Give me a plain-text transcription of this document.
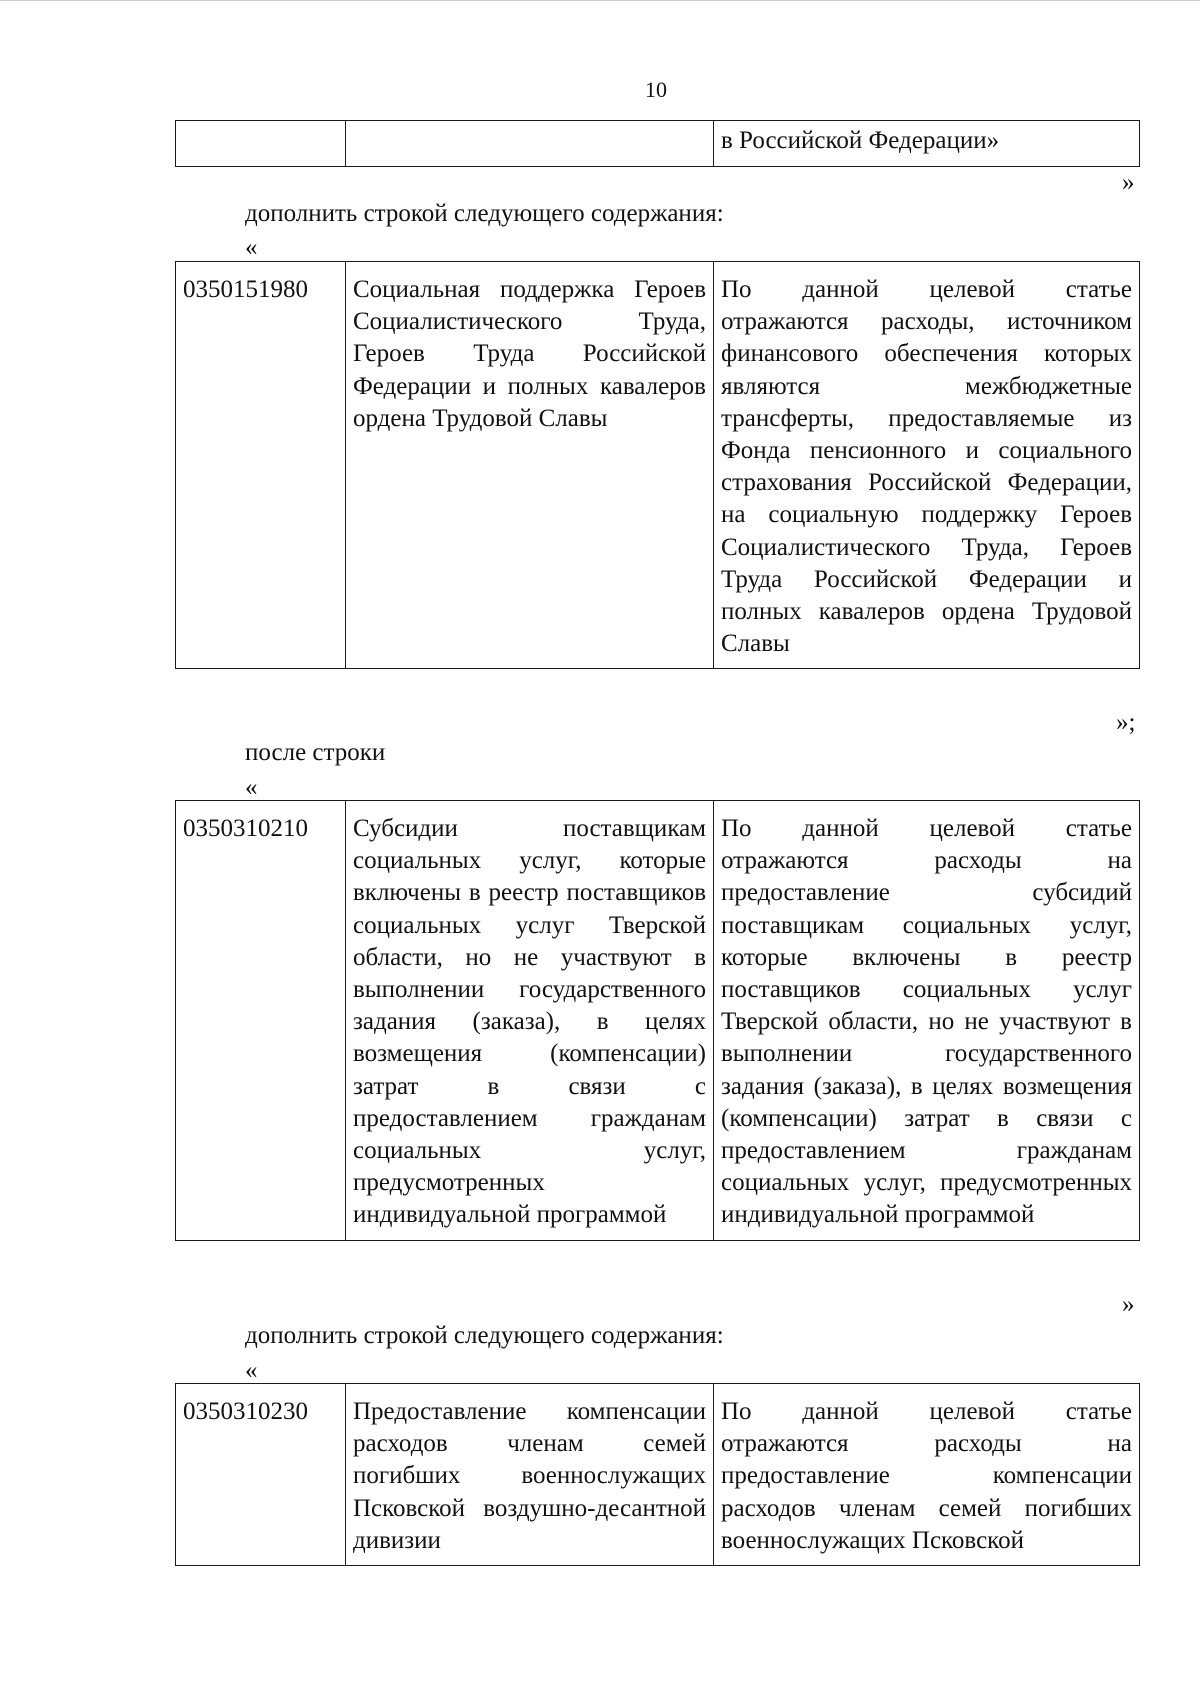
10
		в Российской Федерации»
»
дополнить строкой следующего содержания:
«
0350151980	Социальная поддержка Героев Социалистического Труда, Героев Труда Российской Федерации и полных кавалеров ордена Трудовой Славы	По данной целевой статье отражаются расходы, источником финансового обеспечения которых являются межбюджетные трансферты, предоставляемые из Фонда пенсионного и социального страхования Российской Федерации, на социальную поддержку Героев Социалистического Труда, Героев Труда Российской Федерации и полных кавалеров ордена Трудовой Славы
»;
после строки
«
0350310210	Субсидии поставщикам социальных услуг, которые включены в реестр поставщиков социальных услуг Тверской области, но не участвуют в выполнении государственного задания (заказа), в целях возмещения (компенсации) затрат в связи с предоставлением гражданам социальных услуг, предусмотренных индивидуальной программой	По данной целевой статье отражаются расходы на предоставление субсидий поставщикам социальных услуг, которые включены в реестр поставщиков социальных услуг Тверской области, но не участвуют в выполнении государственного задания (заказа), в целях возмещения (компенсации) затрат в связи с предоставлением гражданам социальных услуг, предусмотренных индивидуальной программой
»
дополнить строкой следующего содержания:
«
0350310230	Предоставление компенсации расходов членам семей погибших военнослужащих Псковской воздушно-десантной дивизии	По данной целевой статье отражаются расходы на предоставление компенсации расходов членам семей погибших военнослужащих Псковской
